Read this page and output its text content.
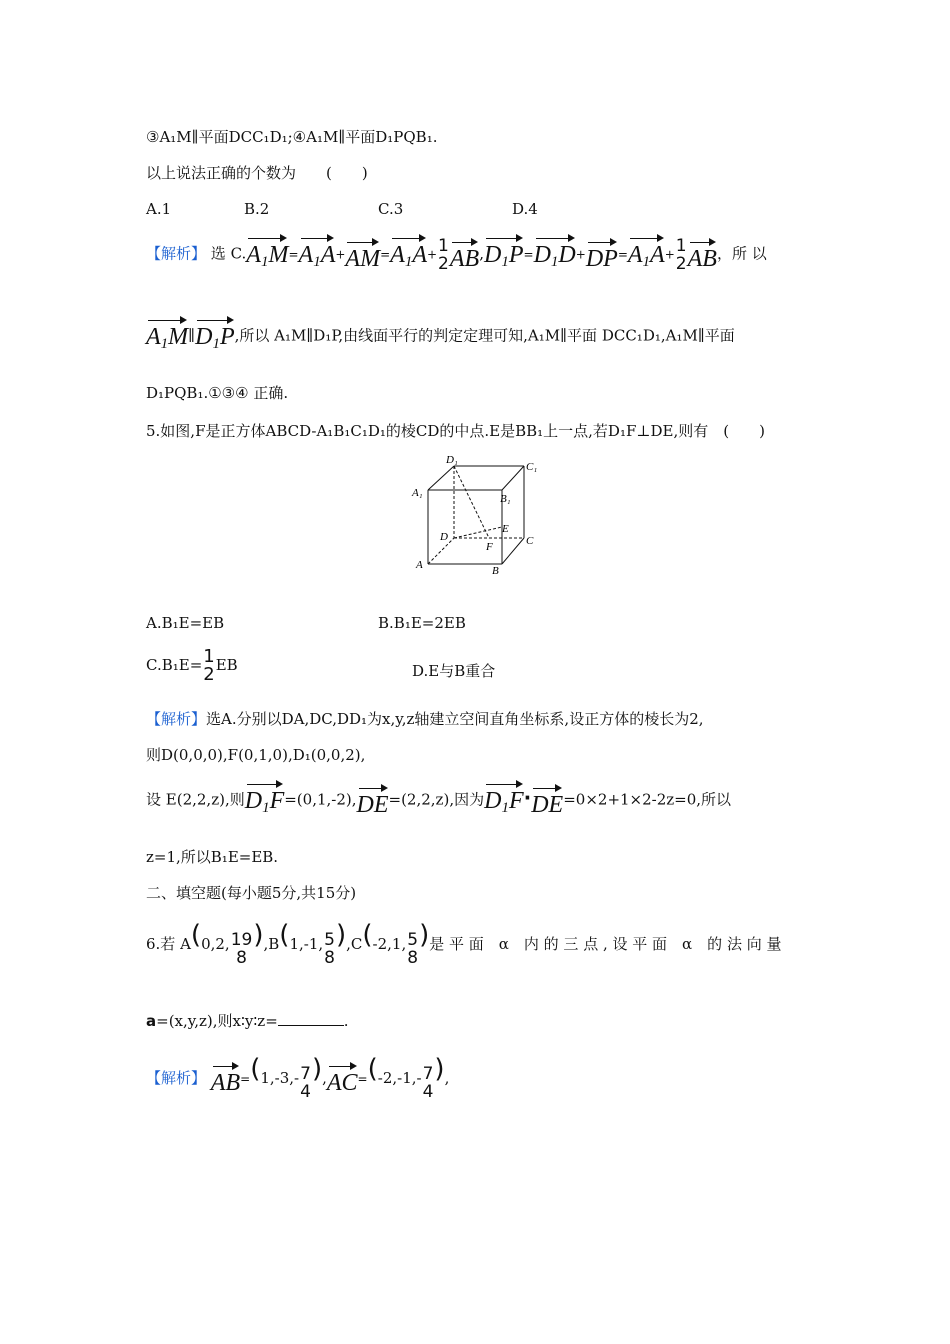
③A₁M∥平面DCC₁D₁;④A₁M∥平面D₁PQB₁.
以上说法正确的个数为　　(　　)
A.1	B.2	C.3	D.4
【解析】 选 $C.A_1M=A_1A+AM=A_1A+ 1$
2 $AB,D_1P=D_1D+DP=A_1A+ 1$
2 AB，所 以
$A_1M\parallel D_1P$,所以 A₁M∥D₁P,由线面平行的判定定理可知,A₁M∥平面 DCC₁D₁,A₁M∥平面
D₁PQB₁.①③④ 正确.
5.如图,F是正方体ABCD-A₁B₁C₁D₁的棱CD的中点.E是BB₁上一点,若D₁F⊥DE,则有　(　　)
D₁
C₁
A₁	B₁
E
D
F	C
A	B
A.B₁E=EB	B.B₁E=2EB
C.B₁E= 1
2 EB	D.E与B重合
【解析】选A.分别以DA,DC,DD₁为x,y,z轴建立空间直角坐标系,设正方体的棱长为2,
则D(0,0,0),F(0,1,0),D₁(0,0,2),
设 E(2,2,z),则$D_1F=(0,1,-2),DE=(2,2,z)$,因为$D_1F\cdot DE=0\times 2+1\times 2-2z=0$,所以
z=1,所以B₁E=EB.
二、填空题(每小题5分,共15分)
6.若 A(0,2, 19
8
),B(1,-1, 5
8
),C(-2,1, 5
8
)是 平 面　α　内 的 三 点 , 设 平 面　α　的 法 向 量
a=(x,y,z),则x∶y∶z=	.
【解析】 AB=(1,-3,- 7
4
),AC=(-2,-1,- 7
4
),
